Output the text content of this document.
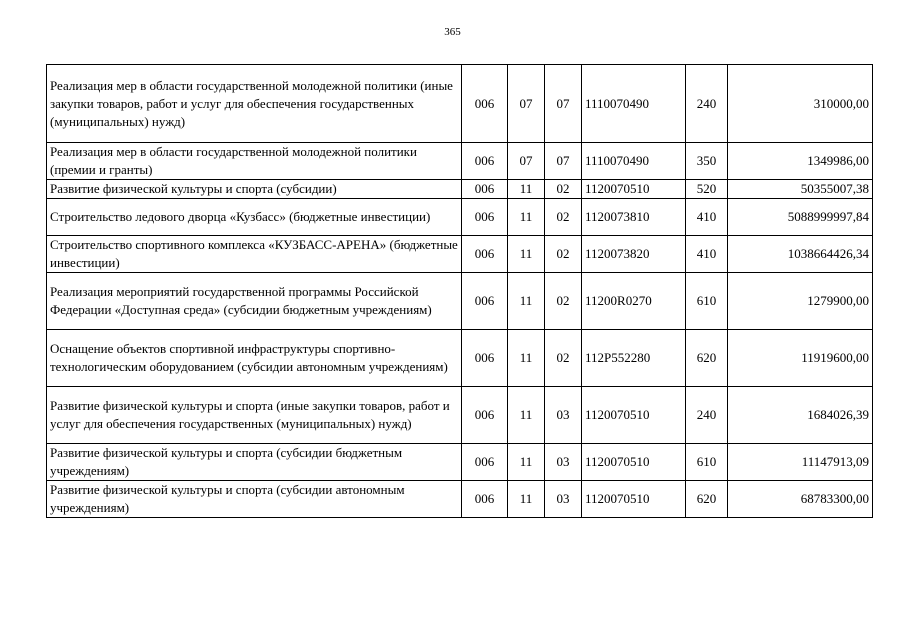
365
Реализация мер в области государственной молодежной политики (иные закупки товаров, работ и услуг для обеспечения государственных (муниципальных) нужд)	006	07	07	1110070490	240	310000,00
Реализация мер в области государственной молодежной политики (премии и гранты)	006	07	07	1110070490	350	1349986,00
Развитие физической культуры и спорта (субсидии)	006	11	02	1120070510	520	50355007,38
Строительство ледового дворца «Кузбасс» (бюджетные инвестиции)	006	11	02	1120073810	410	5088999997,84
Строительство спортивного комплекса «КУЗБАСС-АРЕНА» (бюджетные инвестиции)	006	11	02	1120073820	410	1038664426,34
Реализация мероприятий государственной программы Российской Федерации «Доступная среда» (субсидии бюджетным учреждениям)	006	11	02	11200R0270	610	1279900,00
Оснащение объектов спортивной инфраструктуры спортивно-технологическим оборудованием (субсидии автономным учреждениям)	006	11	02	112P552280	620	11919600,00
Развитие физической культуры и спорта (иные закупки товаров, работ и услуг для обеспечения государственных (муниципальных) нужд)	006	11	03	1120070510	240	1684026,39
Развитие физической культуры и спорта (субсидии бюджетным учреждениям)	006	11	03	1120070510	610	11147913,09
Развитие физической культуры и спорта (субсидии автономным учреждениям)	006	11	03	1120070510	620	68783300,00
